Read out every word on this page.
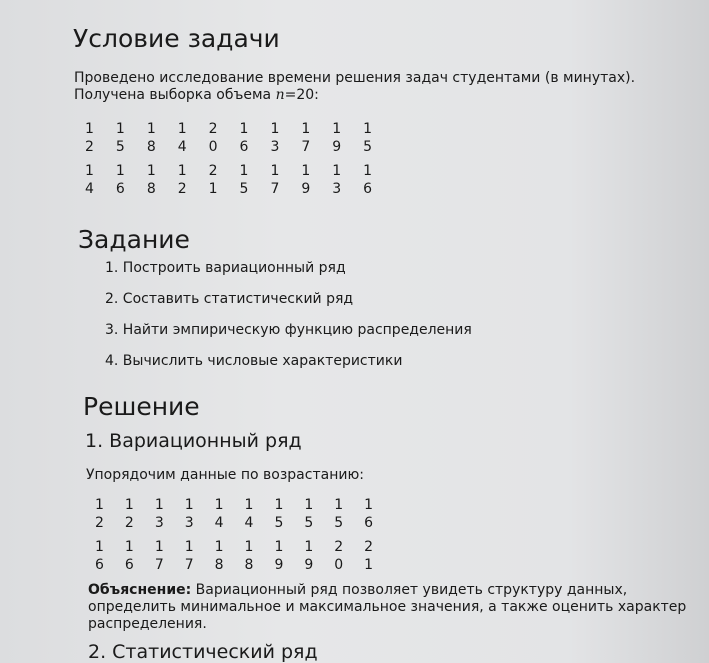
Условие задачи

Проведено исследование времени решения задач студентами (в минутах).
Получена выборка объема n=20:

12
15
18
14
20
16
13
17
19
15
14
16
18
12
21
15
17
19
13
16
Задание
1. Построить вариационный ряд
2. Составить статистический ряд
3. Найти эмпирическую функцию распределения
4. Вычислить числовые характеристики
Решение
1. Вариационный ряд

Упорядочим данные по возрастанию:

12
12
13
13
14
14
15
15
15
16
16
16
17
17
18
18
19
19
20
21

Объяснение: Вариационный ряд позволяет увидеть структуру данных, определить минимальное и максимальное значения, а также оценить характер распределения.

2. Статистический ряд
